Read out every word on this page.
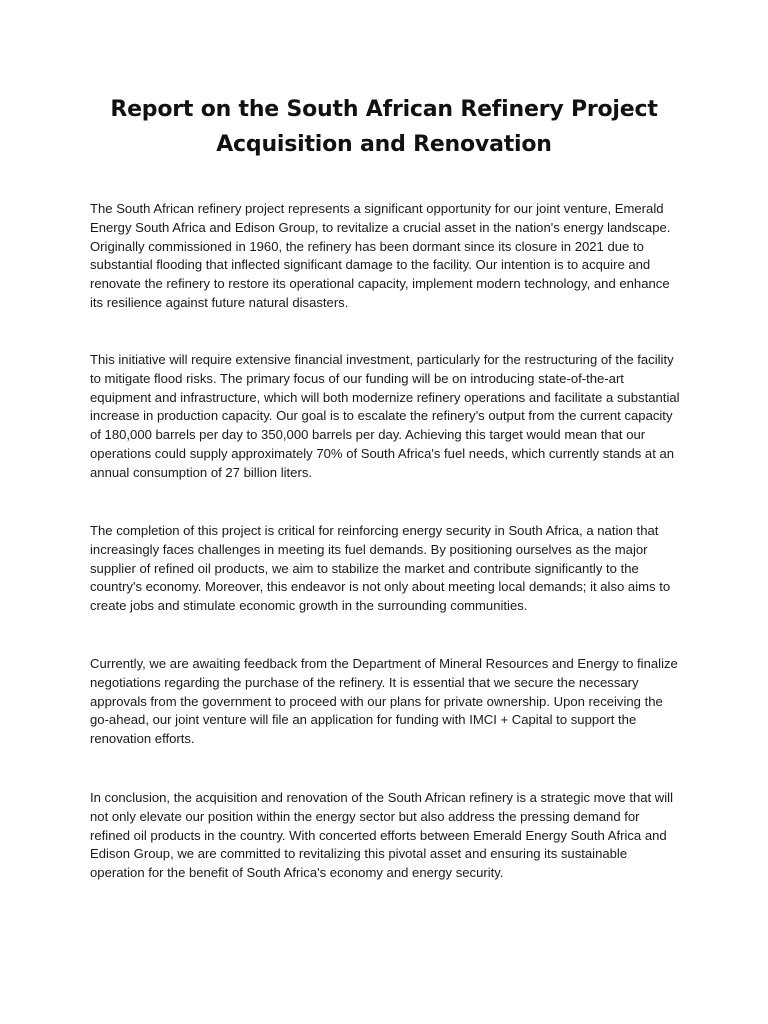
Report on the South African Refinery Project Acquisition and Renovation

The South African refinery project represents a significant opportunity for our joint venture, Emerald Energy South Africa and Edison Group, to revitalize a crucial asset in the nation's energy landscape. Originally commissioned in 1960, the refinery has been dormant since its closure in 2021 due to substantial flooding that inflected significant damage to the facility. Our intention is to acquire and renovate the refinery to restore its operational capacity, implement modern technology, and enhance its resilience against future natural disasters.

This initiative will require extensive financial investment, particularly for the restructuring of the facility to mitigate flood risks. The primary focus of our funding will be on introducing state-of-the-art equipment and infrastructure, which will both modernize refinery operations and facilitate a substantial increase in production capacity. Our goal is to escalate the refinery’s output from the current capacity of 180,000 barrels per day to 350,000 barrels per day. Achieving this target would mean that our operations could supply approximately 70% of South Africa's fuel needs, which currently stands at an annual consumption of 27 billion liters.

The completion of this project is critical for reinforcing energy security in South Africa, a nation that increasingly faces challenges in meeting its fuel demands. By positioning ourselves as the major supplier of refined oil products, we aim to stabilize the market and contribute significantly to the country's economy. Moreover, this endeavor is not only about meeting local demands; it also aims to create jobs and stimulate economic growth in the surrounding communities.

Currently, we are awaiting feedback from the Department of Mineral Resources and Energy to finalize negotiations regarding the purchase of the refinery. It is essential that we secure the necessary approvals from the government to proceed with our plans for private ownership. Upon receiving the go-ahead, our joint venture will file an application for funding with IMCI + Capital to support the renovation efforts.

In conclusion, the acquisition and renovation of the South African refinery is a strategic move that will not only elevate our position within the energy sector but also address the pressing demand for refined oil products in the country. With concerted efforts between Emerald Energy South Africa and Edison Group, we are committed to revitalizing this pivotal asset and ensuring its sustainable operation for the benefit of South Africa's economy and energy security.
